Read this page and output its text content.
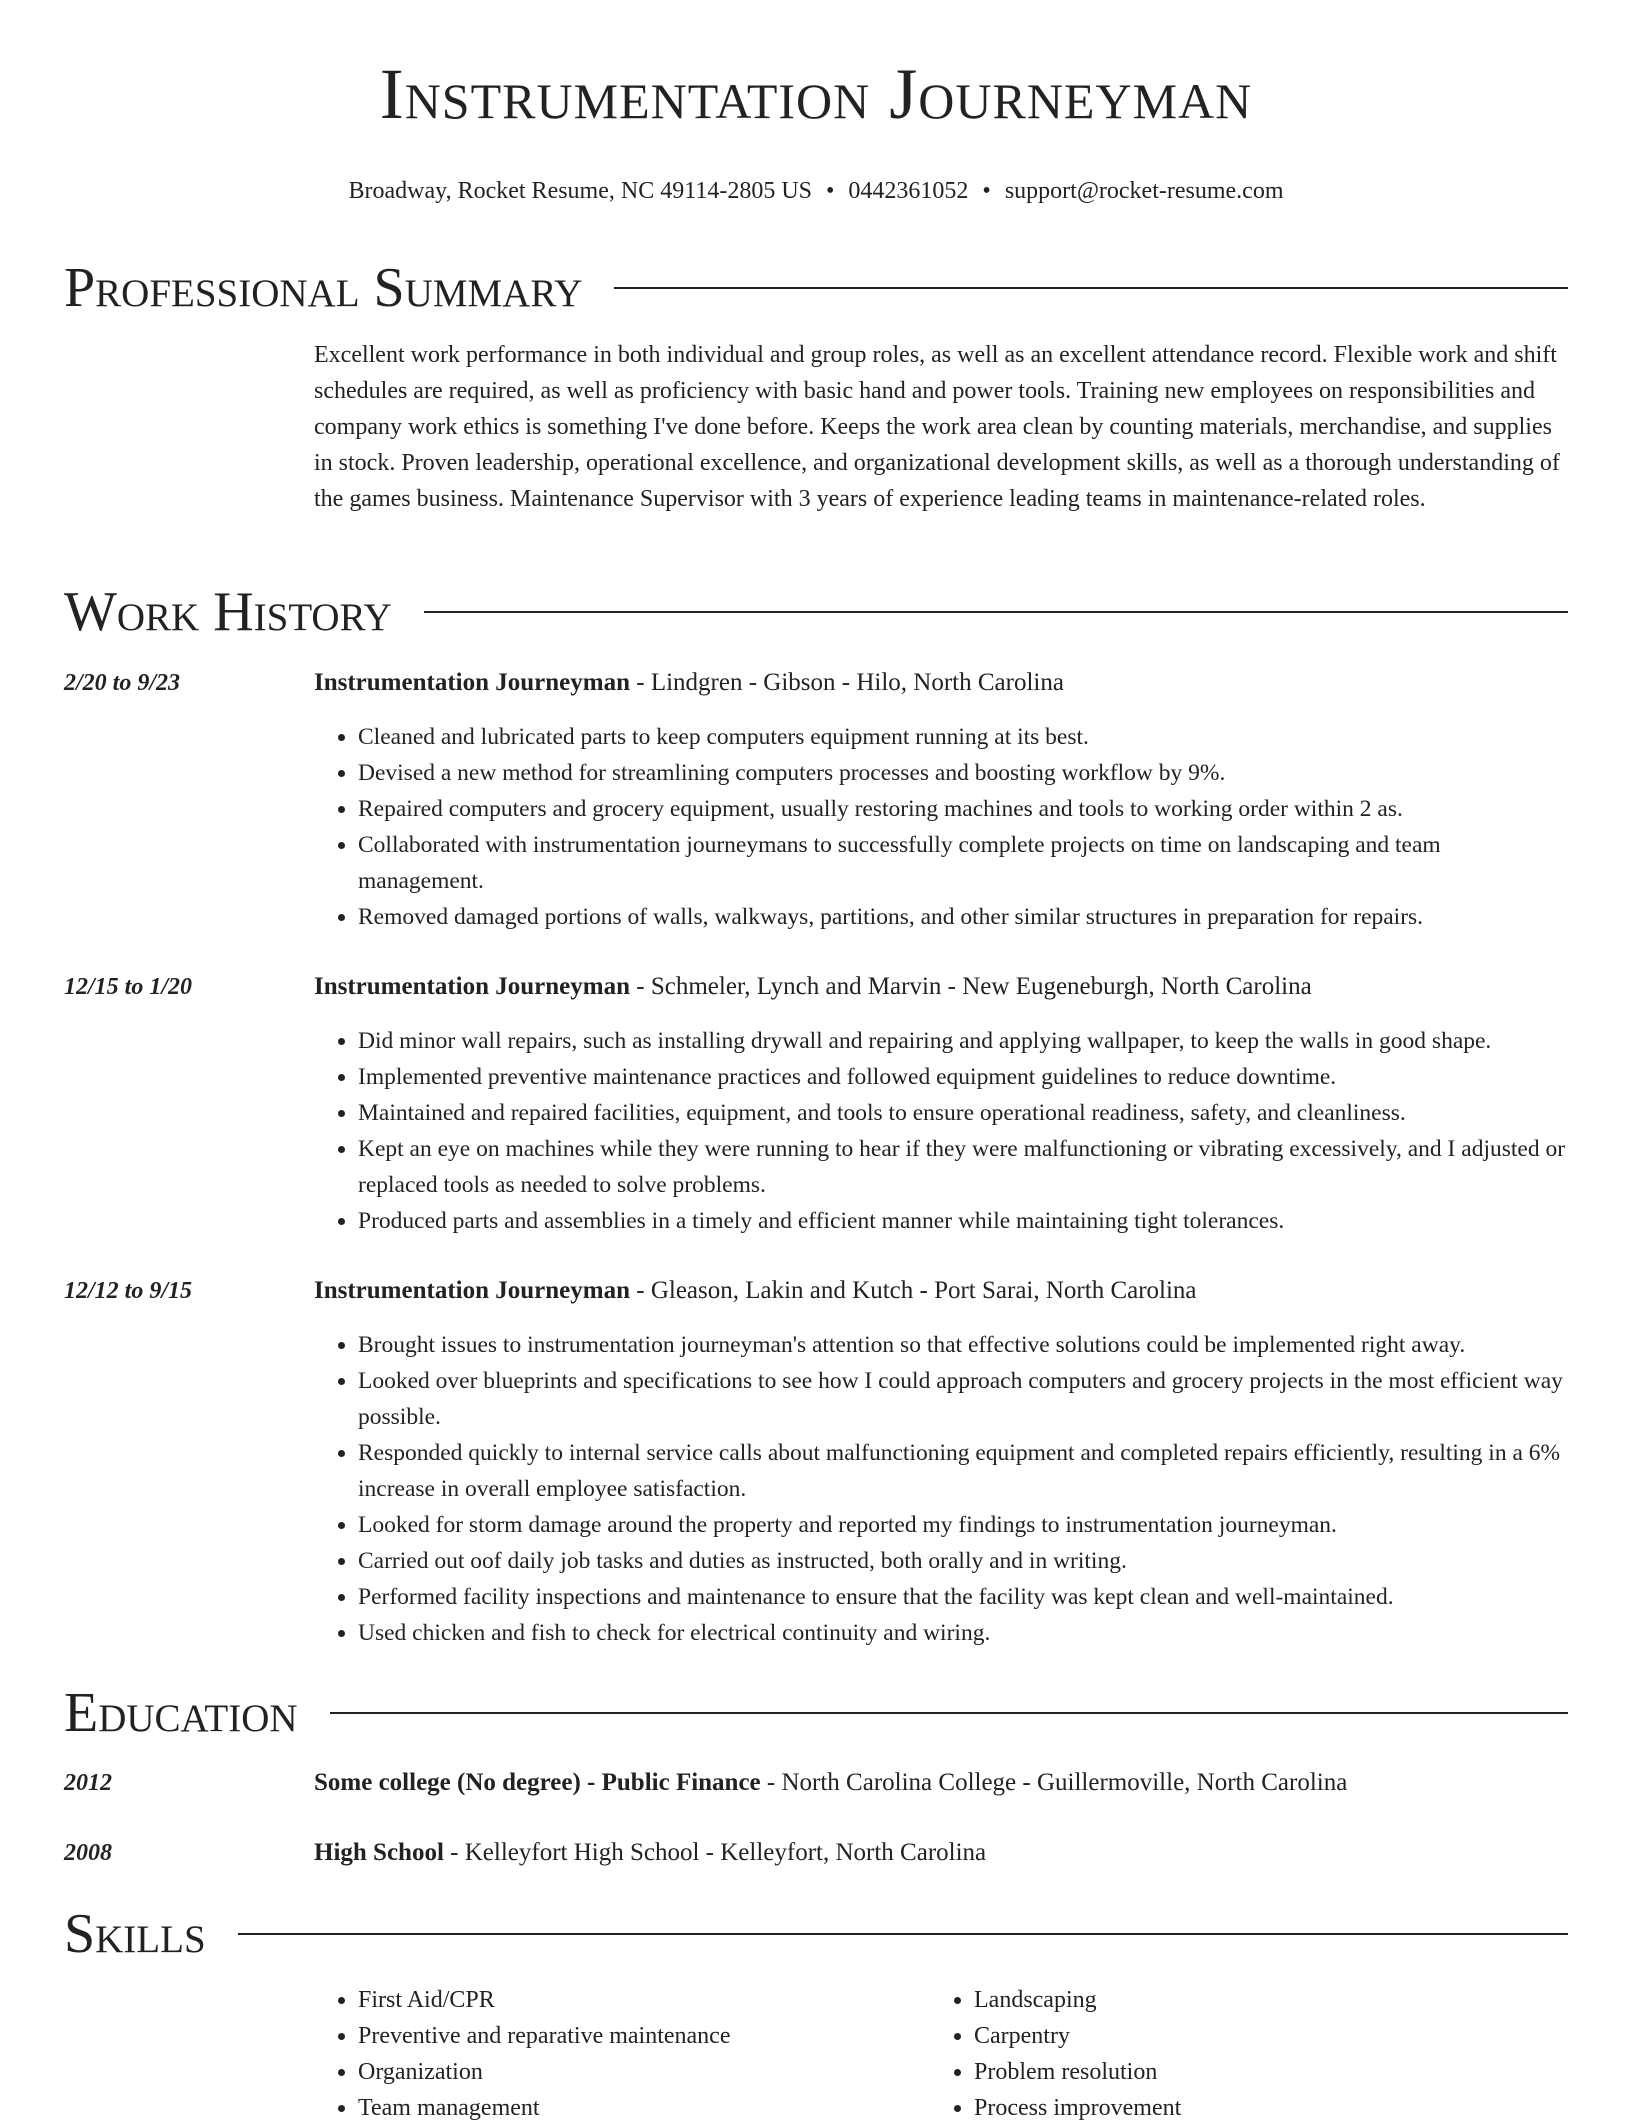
Instrumentation Journeyman
Broadway, Rocket Resume, NC 49114-2805 US • 0442361052 • support@rocket-resume.com
Professional Summary
Excellent work performance in both individual and group roles, as well as an excellent attendance record. Flexible work and shift schedules are required, as well as proficiency with basic hand and power tools. Training new employees on responsibilities and company work ethics is something I've done before. Keeps the work area clean by counting materials, merchandise, and supplies in stock. Proven leadership, operational excellence, and organizational development skills, as well as a thorough understanding of the games business. Maintenance Supervisor with 3 years of experience leading teams in maintenance-related roles.
Work History
2/20 to 9/23	Instrumentation Journeyman - Lindgren - Gibson - Hilo, North Carolina
• Cleaned and lubricated parts to keep computers equipment running at its best.
• Devised a new method for streamlining computers processes and boosting workflow by 9%.
• Repaired computers and grocery equipment, usually restoring machines and tools to working order within 2 as.
• Collaborated with instrumentation journeymans to successfully complete projects on time on landscaping and team management.
• Removed damaged portions of walls, walkways, partitions, and other similar structures in preparation for repairs.
12/15 to 1/20	Instrumentation Journeyman - Schmeler, Lynch and Marvin - New Eugeneburgh, North Carolina
• Did minor wall repairs, such as installing drywall and repairing and applying wallpaper, to keep the walls in good shape.
• Implemented preventive maintenance practices and followed equipment guidelines to reduce downtime.
• Maintained and repaired facilities, equipment, and tools to ensure operational readiness, safety, and cleanliness.
• Kept an eye on machines while they were running to hear if they were malfunctioning or vibrating excessively, and I adjusted or replaced tools as needed to solve problems.
• Produced parts and assemblies in a timely and efficient manner while maintaining tight tolerances.
12/12 to 9/15	Instrumentation Journeyman - Gleason, Lakin and Kutch - Port Sarai, North Carolina
• Brought issues to instrumentation journeyman's attention so that effective solutions could be implemented right away.
• Looked over blueprints and specifications to see how I could approach computers and grocery projects in the most efficient way possible.
• Responded quickly to internal service calls about malfunctioning equipment and completed repairs efficiently, resulting in a 6% increase in overall employee satisfaction.
• Looked for storm damage around the property and reported my findings to instrumentation journeyman.
• Carried out oof daily job tasks and duties as instructed, both orally and in writing.
• Performed facility inspections and maintenance to ensure that the facility was kept clean and well-maintained.
• Used chicken and fish to check for electrical continuity and wiring.
Education
2012	Some college (No degree) - Public Finance - North Carolina College - Guillermoville, North Carolina
2008	High School - Kelleyfort High School - Kelleyfort, North Carolina
Skills
• First Aid/CPR
• Preventive and reparative maintenance
• Organization
• Team management
• Landscaping
• Carpentry
• Problem resolution
• Process improvement
